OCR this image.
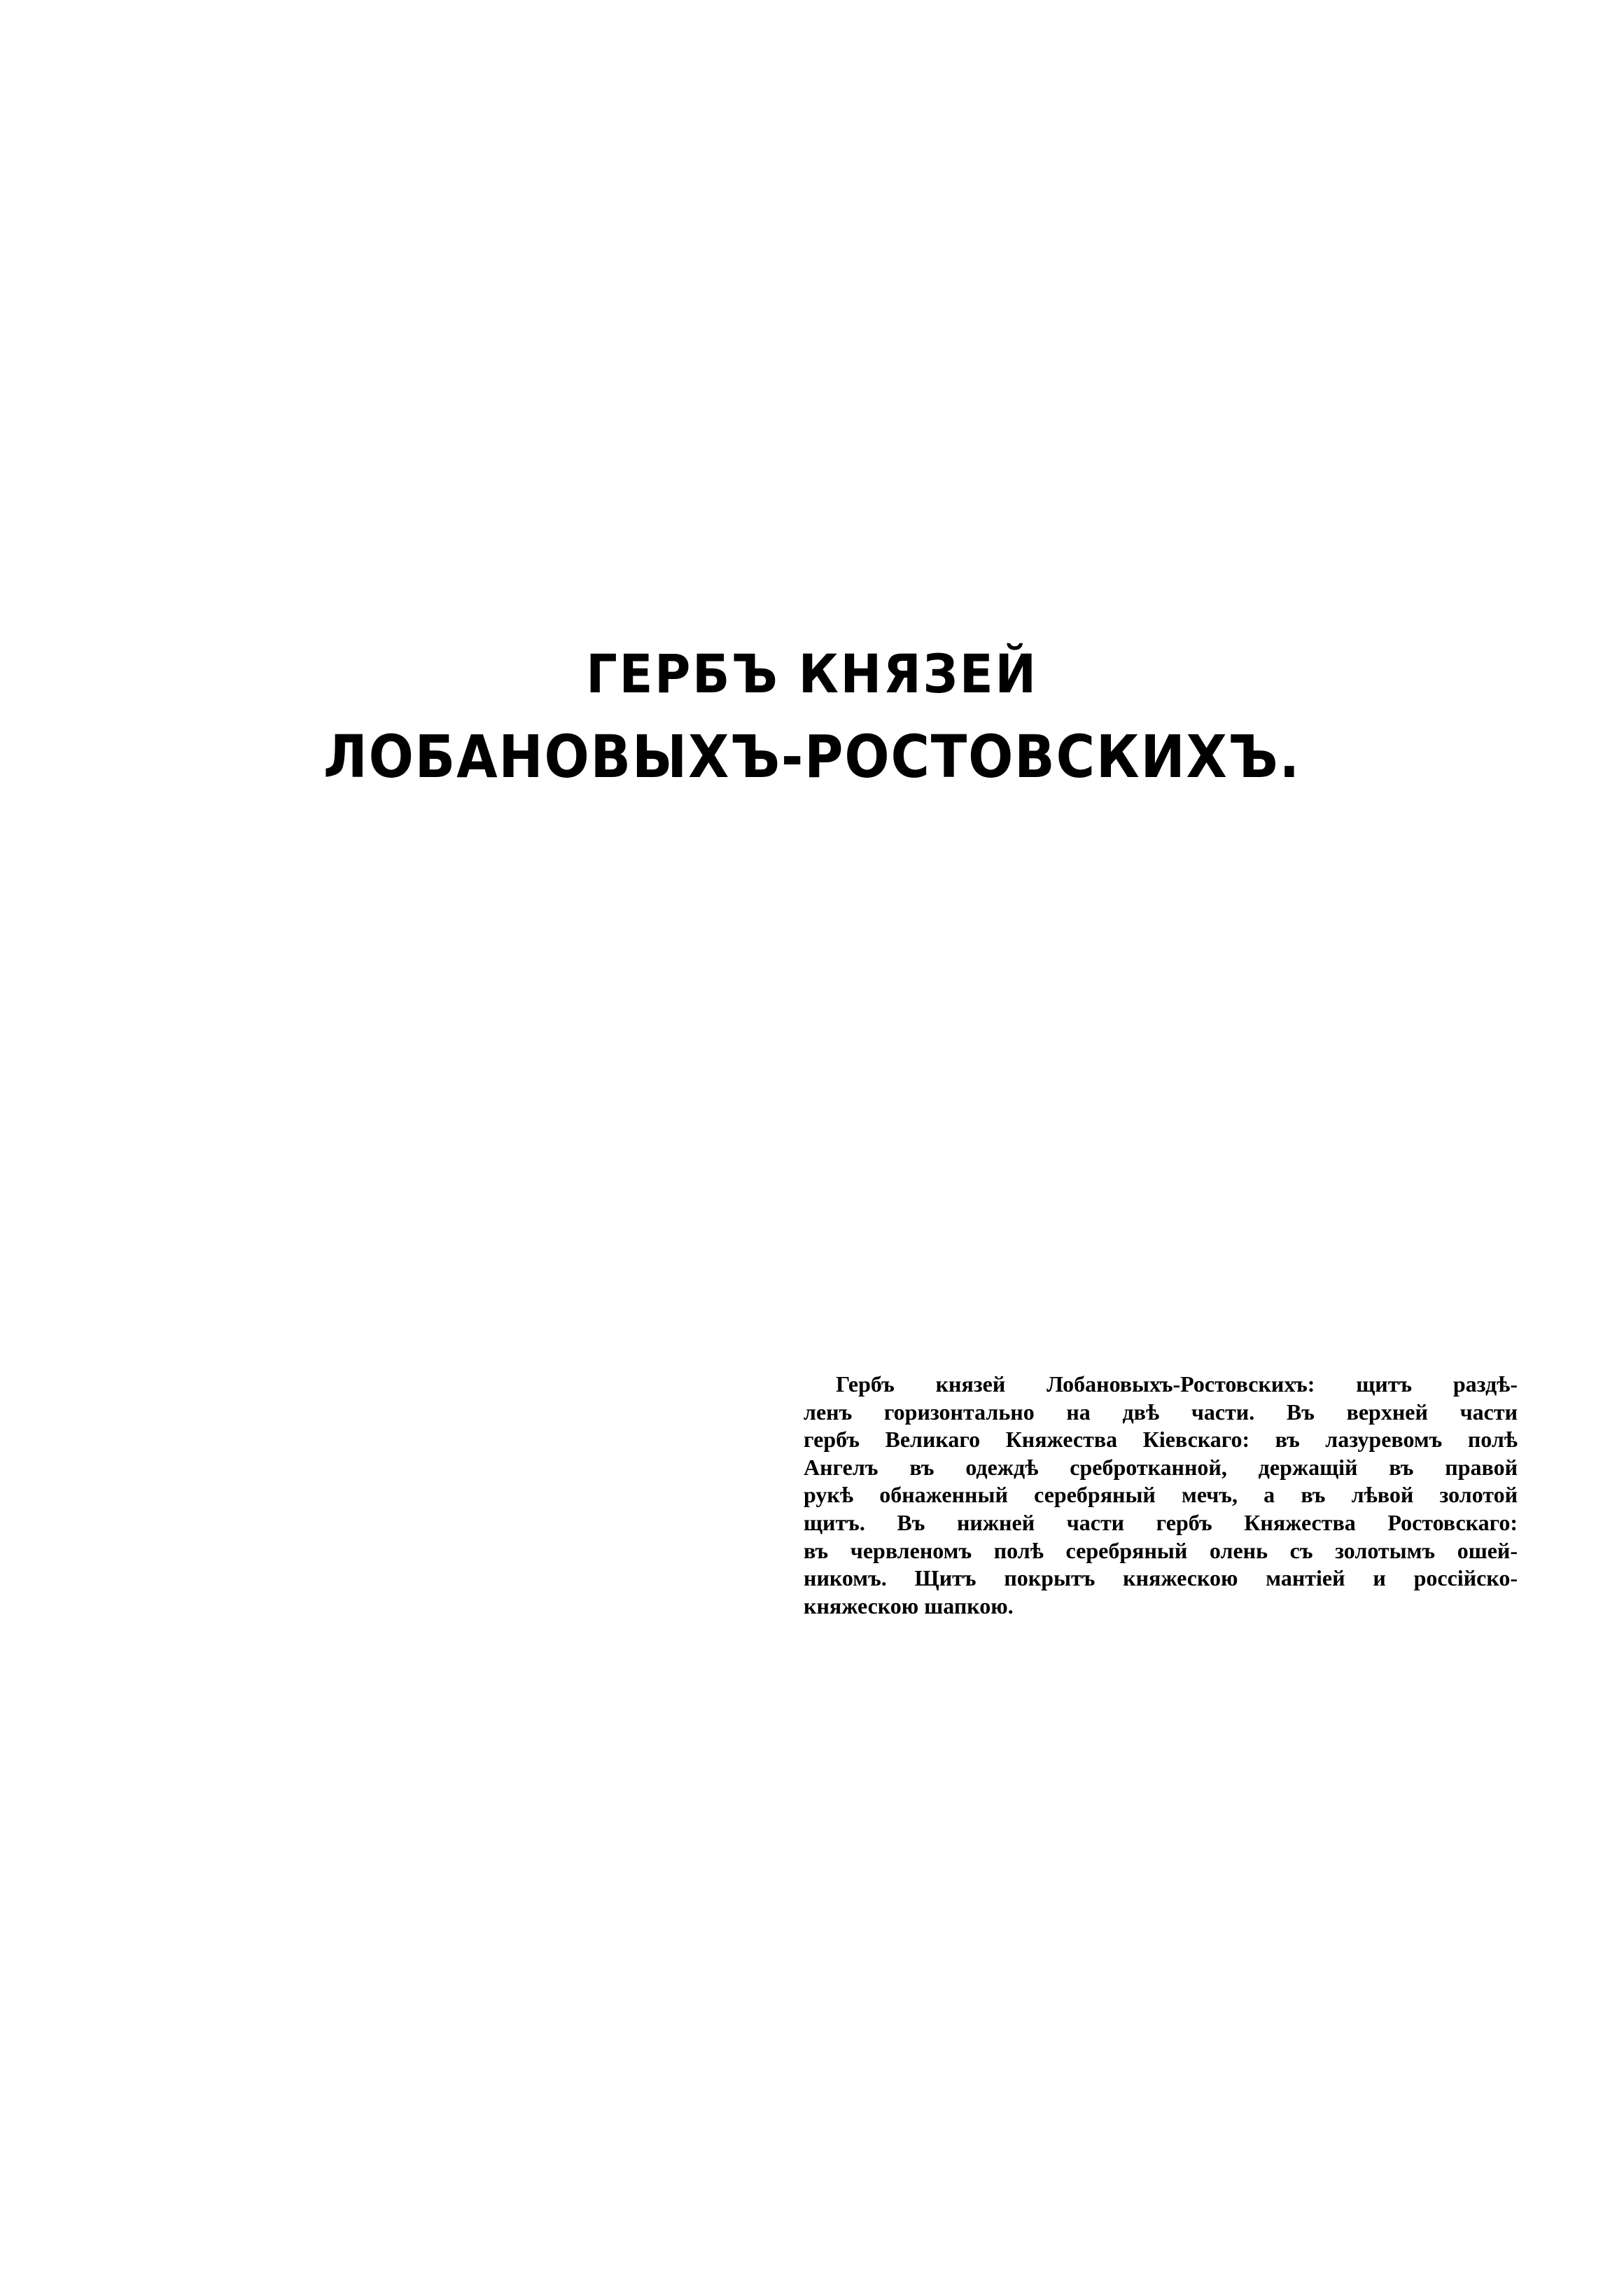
ГЕРБЪ КНЯЗЕЙ
ЛОБАНОВЫХЪ-РОСТОВСКИХЪ.
Гербъ князей Лобановыхъ-Ростовскихъ: щитъ раздѣ-
ленъ горизонтально на двѣ части. Въ верхней части
гербъ Великаго Княжества Кіевскаго: въ лазуревомъ полѣ
Ангелъ въ одеждѣ сребротканной, держащій въ правой
рукѣ обнаженный серебряный мечъ, а въ лѣвой золотой
щитъ. Въ нижней части гербъ Княжества Ростовскаго:
въ червленомъ полѣ серебряный олень съ золотымъ ошей-
никомъ. Щитъ покрытъ княжескою мантіей и россійско-
княжескою шапкою.
